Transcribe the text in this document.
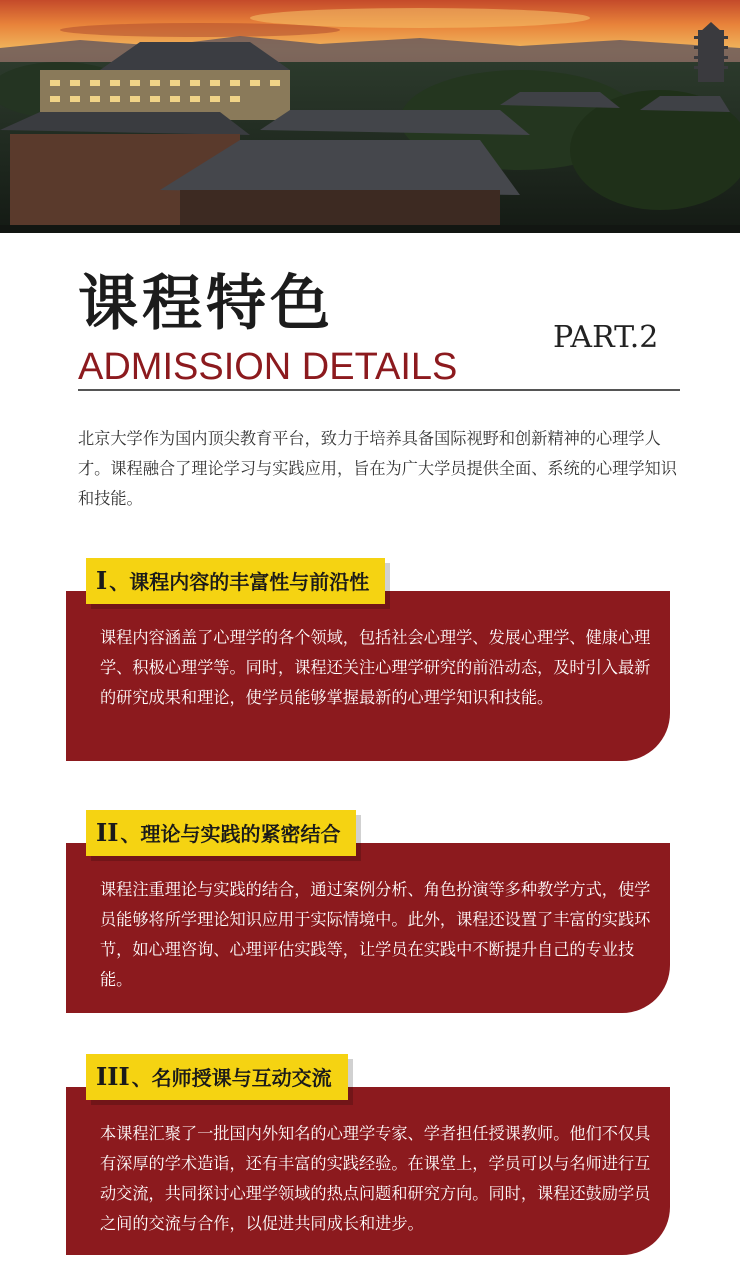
课程特色	PART.2
ADMISSION DETAILS
北京大学作为国内顶尖教育平台，致力于培养具备国际视野和创新精神的心理学人才。课程融合了理论学习与实践应用，旨在为广大学员提供全面、系统的心理学知识和技能。
课程内容涵盖了心理学的各个领域，包括社会心理学、发展心理学、健康心理学、积极心理学等。同时，课程还关注心理学研究的前沿动态，及时引入最新的研究成果和理论，使学员能够掌握最新的心理学知识和技能。
I 、课程内容的丰富性与前沿性
课程注重理论与实践的结合，通过案例分析、角色扮演等多种教学方式，使学员能够将所学理论知识应用于实际情境中。此外，课程还设置了丰富的实践环节，如心理咨询、心理评估实践等，让学员在实践中不断提升自己的专业技能。
II 、理论与实践的紧密结合
本课程汇聚了一批国内外知名的心理学专家、学者担任授课教师。他们不仅具有深厚的学术造诣，还有丰富的实践经验。在课堂上，学员可以与名师进行互动交流，共同探讨心理学领域的热点问题和研究方向。同时，课程还鼓励学员之间的交流与合作，以促进共同成长和进步。
III 、名师授课与互动交流
